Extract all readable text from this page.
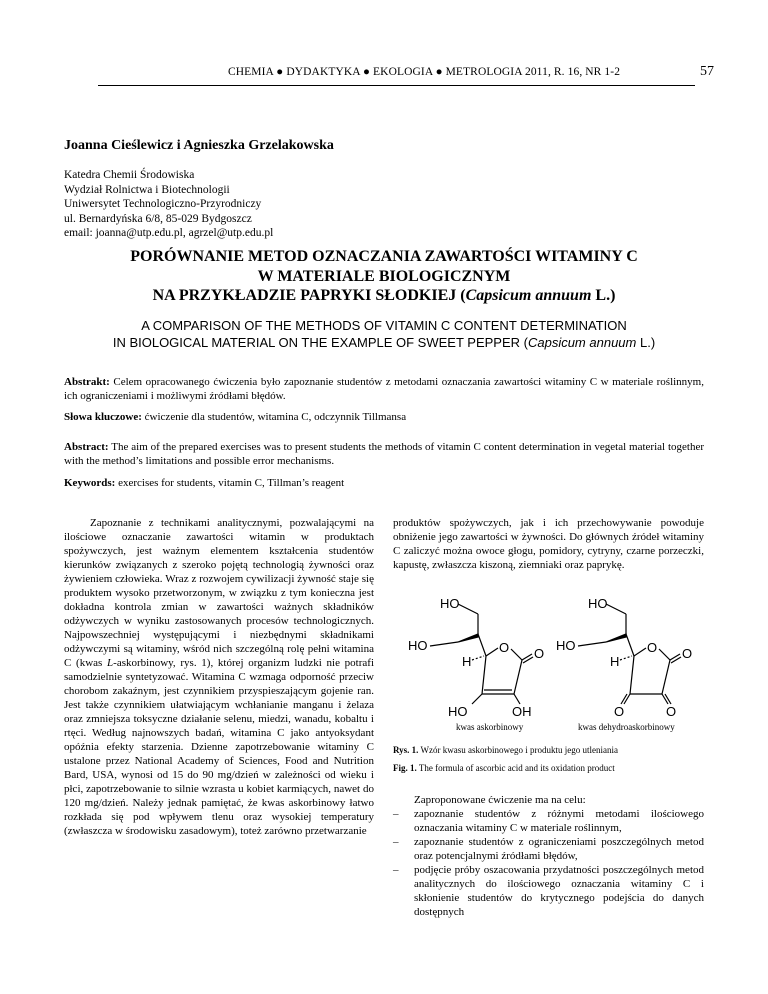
CHEMIA ● DYDAKTYKA ● EKOLOGIA ● METROLOGIA 2011, R. 16, NR 1-2	57
Joanna Cieślewicz i Agnieszka Grzelakowska
Katedra Chemii Środowiska
Wydział Rolnictwa i Biotechnologii
Uniwersytet Technologiczno-Przyrodniczy
ul. Bernardyńska 6/8, 85-029 Bydgoszcz
email: joanna@utp.edu.pl, agrzel@utp.edu.pl
PORÓWNANIE METOD OZNACZANIA ZAWARTOŚCI WITAMINY C
W MATERIALE BIOLOGICZNYM
NA PRZYKŁADZIE PAPRYKI SŁODKIEJ (Capsicum annuum L.)
A COMPARISON OF THE METHODS OF VITAMIN C CONTENT DETERMINATION
IN BIOLOGICAL MATERIAL ON THE EXAMPLE OF SWEET PEPPER (Capsicum annuum L.)
Abstrakt: Celem opracowanego ćwiczenia było zapoznanie studentów z metodami oznaczania zawartości witaminy C w materiale roślinnym, ich ograniczeniami i możliwymi źródłami błędów.
Słowa kluczowe: ćwiczenie dla studentów, witamina C, odczynnik Tillmansa
Abstract: The aim of the prepared exercises was to present students the methods of vitamin C content determination in vegetal material together with the method’s limitations and possible error mechanisms.
Keywords: exercises for students, vitamin C, Tillman’s reagent
Zapoznanie z technikami analitycznymi, pozwalającymi na ilościowe oznaczanie zawartości witamin w produktach spożywczych, jest ważnym elementem kształcenia studentów kierunków związanych z szeroko pojętą technologią żywności oraz żywieniem człowieka. Wraz z rozwojem cywilizacji żywność staje się produktem wysoko przetworzonym, w związku z tym konieczna jest dokładna kontrola zmian w zawartości ważnych składników odżywczych w wyniku zastosowanych procesów technologicznych. Najpowszechniej występującymi i niezbędnymi składnikami odżywczymi są witaminy, wśród nich szczególną rolę pełni witamina C (kwas L-askorbinowy, rys. 1), której organizm ludzki nie potrafi samodzielnie syntetyzować. Witamina C wzmaga odporność przeciw chorobom zakaźnym, jest czynnikiem przyspieszającym gojenie ran. Jest także czynnikiem ułatwiającym wchłanianie manganu i żelaza oraz zmniejsza toksyczne działanie selenu, miedzi, wanadu, kobaltu i rtęci. Według najnowszych badań, witamina C jako antyoksydant opóźnia efekty starzenia. Dzienne zapotrzebowanie witaminy C ustalone przez National Academy of Sciences, Food and Nutrition Bard, USA, wynosi od 15 do 90 mg/dzień w zależności od wieku i płci, zapotrzebowanie to silnie wzrasta u kobiet karmiących, nawet do 120 mg/dzień. Należy jednak pamiętać, że kwas askorbinowy łatwo rozkłada się pod wpływem tlenu oraz wysokiej temperatury (zwłaszcza w środowisku zasadowym), toteż zarówno przetwarzanie
produktów spożywczych, jak i ich przechowywanie powoduje obniżenie jego zawartości w żywności. Do głównych źródeł witaminy C zaliczyć można owoce głogu, pomidory, cytryny, czarne porzeczki, kapustę, zwłaszcza kiszoną, ziemniaki oraz paprykę.
HO
HO	O O
H
HO	OH
HO
HO	O O
H
O	O
kwas askorbinowy	kwas dehydroaskorbinowy
Rys. 1. Wzór kwasu askorbinowego i produktu jego utleniania
Fig. 1. The formula of ascorbic acid and its oxidation product
Zaproponowane ćwiczenie ma na celu:
– zapoznanie studentów z różnymi metodami ilościowego oznaczania witaminy C w materiale roślinnym,
– zapoznanie studentów z ograniczeniami poszczególnych metod oraz potencjalnymi źródłami błędów,
– podjęcie próby oszacowania przydatności poszczególnych metod analitycznych do ilościowego oznaczania witaminy C i skłonienie studentów do krytycznego podejścia do danych dostępnych
